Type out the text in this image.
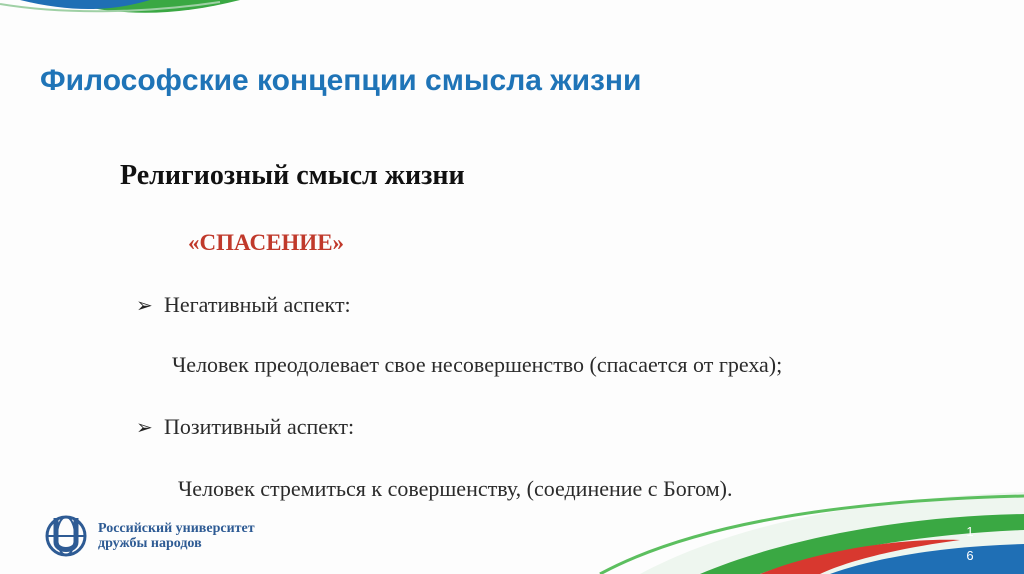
Философские концепции смысла жизни
Религиозный смысл жизни
«СПАСЕНИЕ»
➢ Негативный аспект:
Человек преодолевает свое несовершенство (спасается от греха);
➢ Позитивный аспект:
Человек стремиться к совершенству, (соединение с Богом).
Российский университет
дружбы народов
16
